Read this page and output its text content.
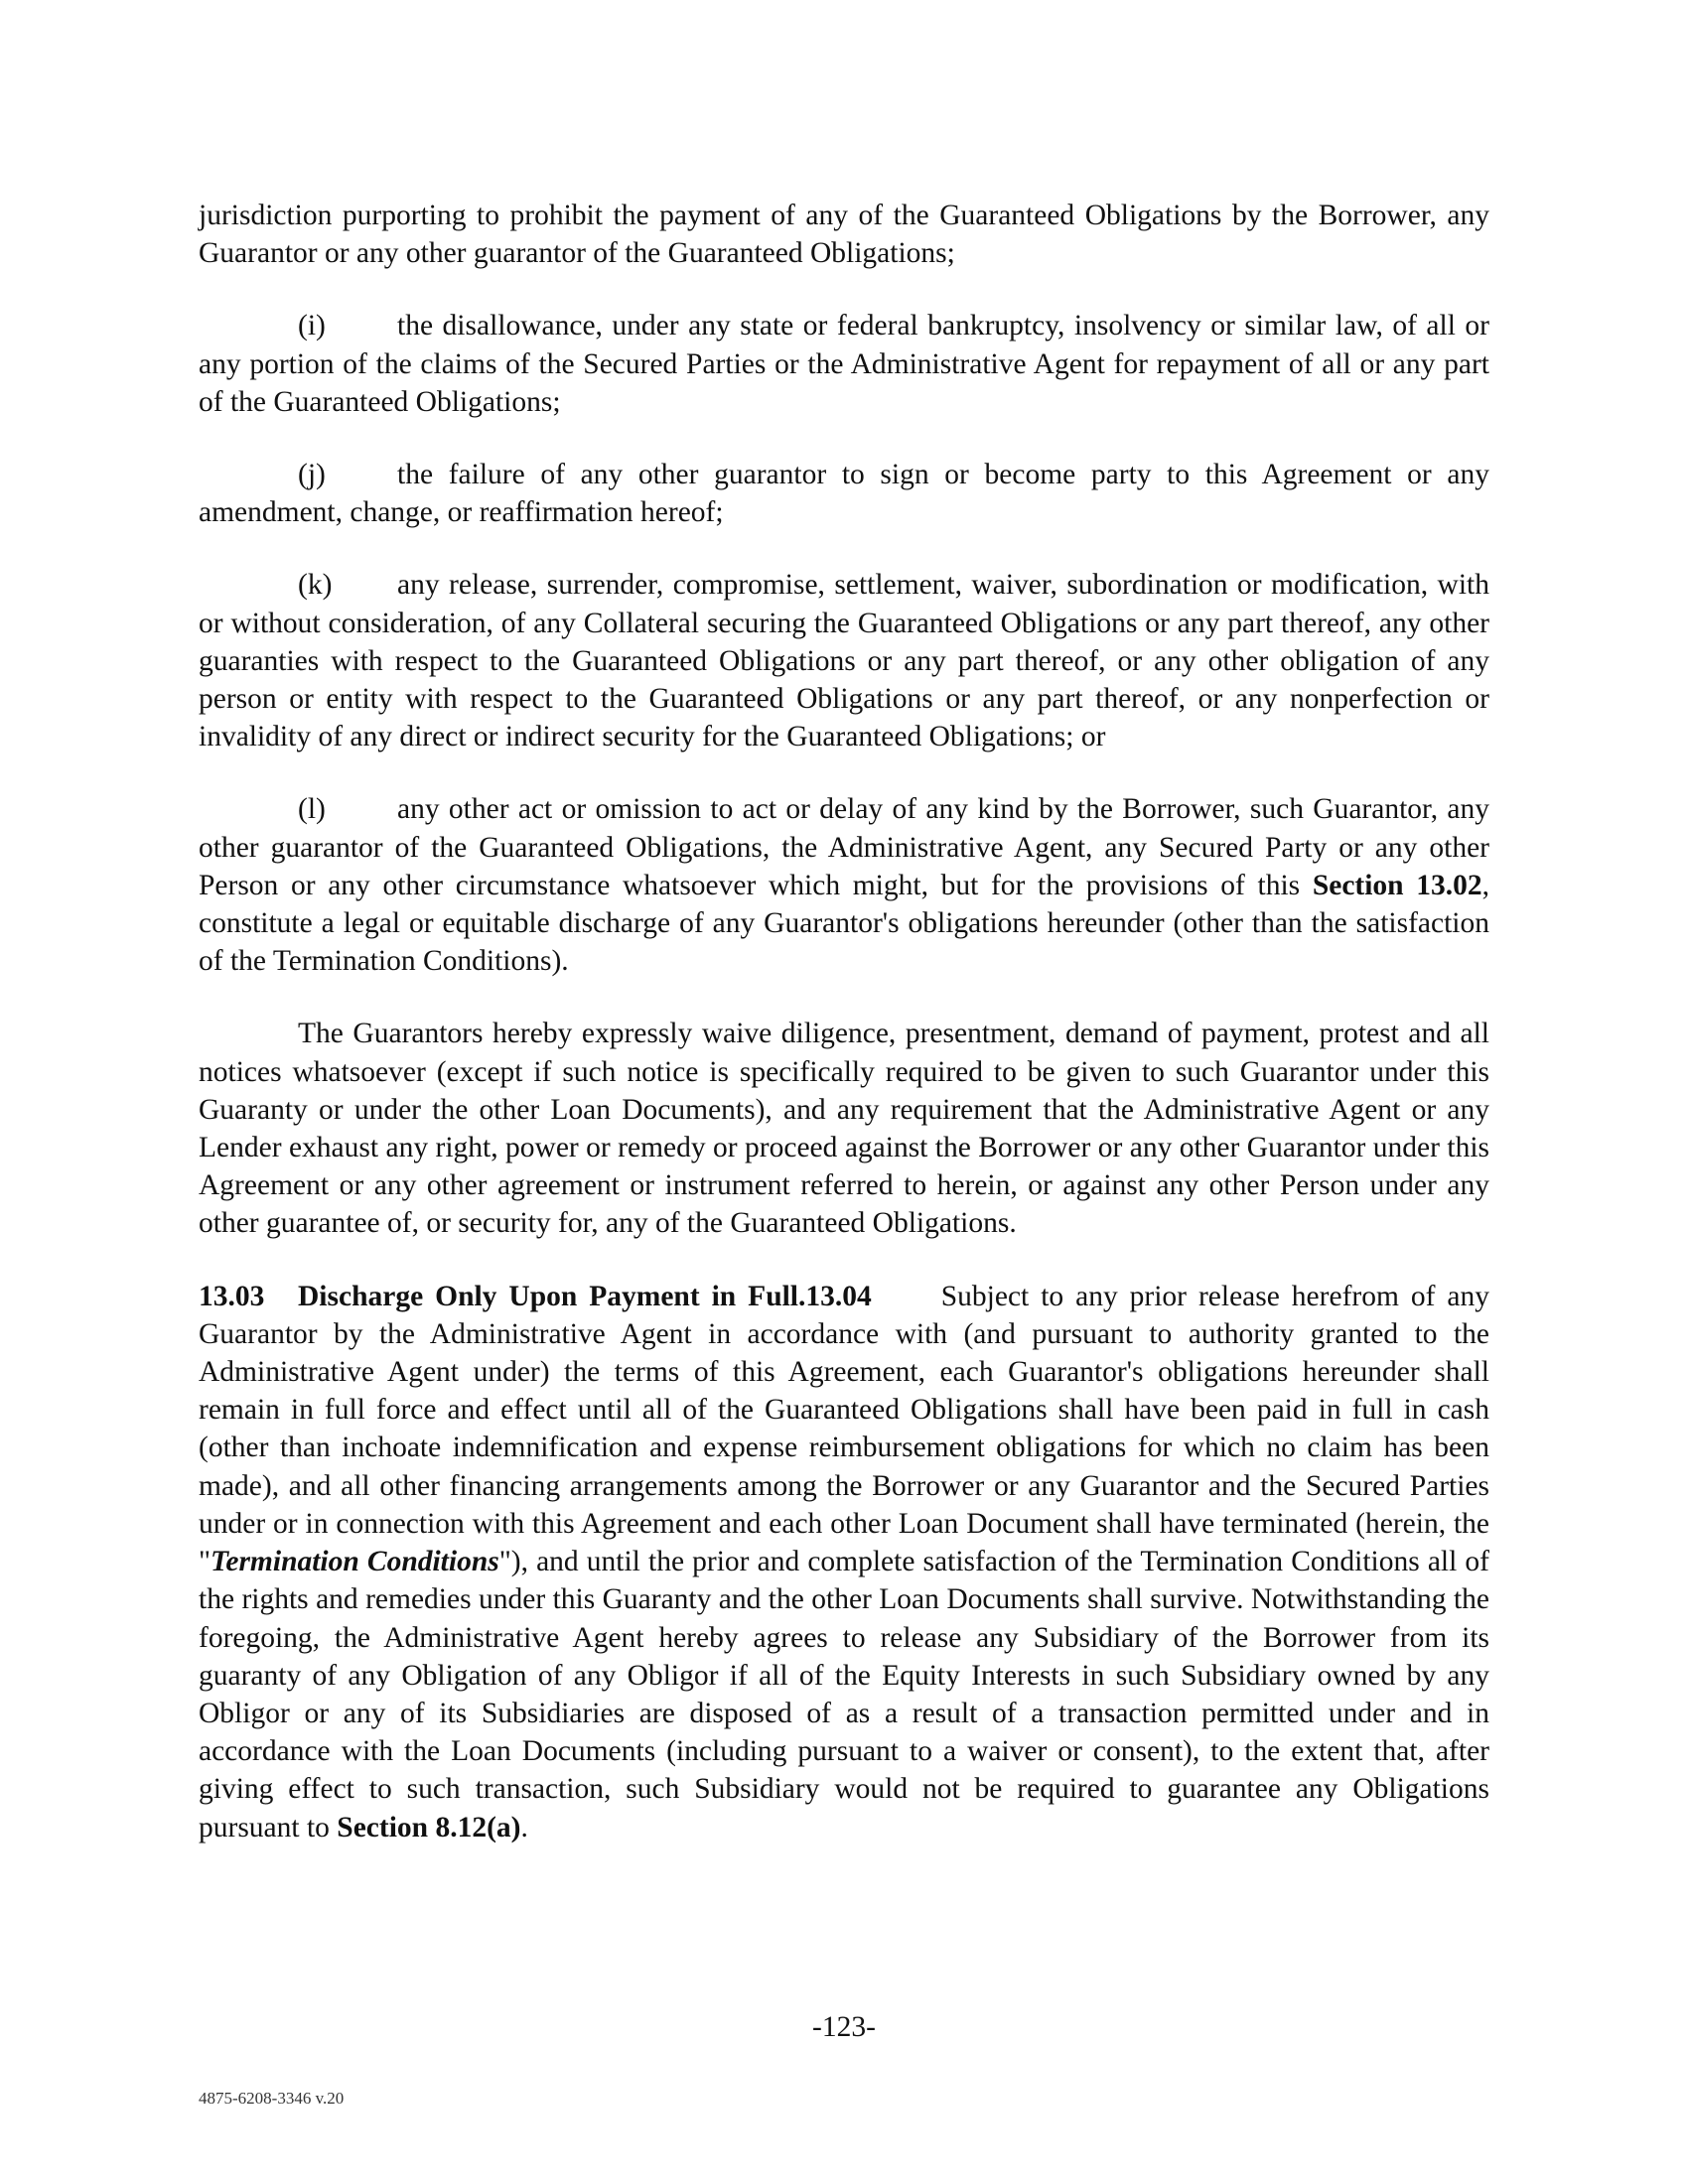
jurisdiction purporting to prohibit the payment of any of the Guaranteed Obligations by the Borrower, any Guarantor or any other guarantor of the Guaranteed Obligations;

(i) the disallowance, under any state or federal bankruptcy, insolvency or similar law, of all or any portion of the claims of the Secured Parties or the Administrative Agent for repayment of all or any part of the Guaranteed Obligations;

(j) the failure of any other guarantor to sign or become party to this Agreement or any amendment, change, or reaffirmation hereof;

(k) any release, surrender, compromise, settlement, waiver, subordination or modification, with or without consideration, of any Collateral securing the Guaranteed Obligations or any part thereof, any other guaranties with respect to the Guaranteed Obligations or any part thereof, or any other obligation of any person or entity with respect to the Guaranteed Obligations or any part thereof, or any nonperfection or invalidity of any direct or indirect security for the Guaranteed Obligations; or

(l) any other act or omission to act or delay of any kind by the Borrower, such Guarantor, any other guarantor of the Guaranteed Obligations, the Administrative Agent, any Secured Party or any other Person or any other circumstance whatsoever which might, but for the provisions of this Section 13.02, constitute a legal or equitable discharge of any Guarantor's obligations hereunder (other than the satisfaction of the Termination Conditions).

The Guarantors hereby expressly waive diligence, presentment, demand of payment, protest and all notices whatsoever (except if such notice is specifically required to be given to such Guarantor under this Guaranty or under the other Loan Documents), and any requirement that the Administrative Agent or any Lender exhaust any right, power or remedy or proceed against the Borrower or any other Guarantor under this Agreement or any other agreement or instrument referred to herein, or against any other Person under any other guarantee of, or security for, any of the Guaranteed Obligations.

13.03 Discharge Only Upon Payment in Full.13.04 Subject to any prior release herefrom of any Guarantor by the Administrative Agent in accordance with (and pursuant to authority granted to the Administrative Agent under) the terms of this Agreement, each Guarantor's obligations hereunder shall remain in full force and effect until all of the Guaranteed Obligations shall have been paid in full in cash (other than inchoate indemnification and expense reimbursement obligations for which no claim has been made), and all other financing arrangements among the Borrower or any Guarantor and the Secured Parties under or in connection with this Agreement and each other Loan Document shall have terminated (herein, the "Termination Conditions"), and until the prior and complete satisfaction of the Termination Conditions all of the rights and remedies under this Guaranty and the other Loan Documents shall survive. Notwithstanding the foregoing, the Administrative Agent hereby agrees to release any Subsidiary of the Borrower from its guaranty of any Obligation of any Obligor if all of the Equity Interests in such Subsidiary owned by any Obligor or any of its Subsidiaries are disposed of as a result of a transaction permitted under and in accordance with the Loan Documents (including pursuant to a waiver or consent), to the extent that, after giving effect to such transaction, such Subsidiary would not be required to guarantee any Obligations pursuant to Section 8.12(a).

-123-
4875-6208-3346 v.20
